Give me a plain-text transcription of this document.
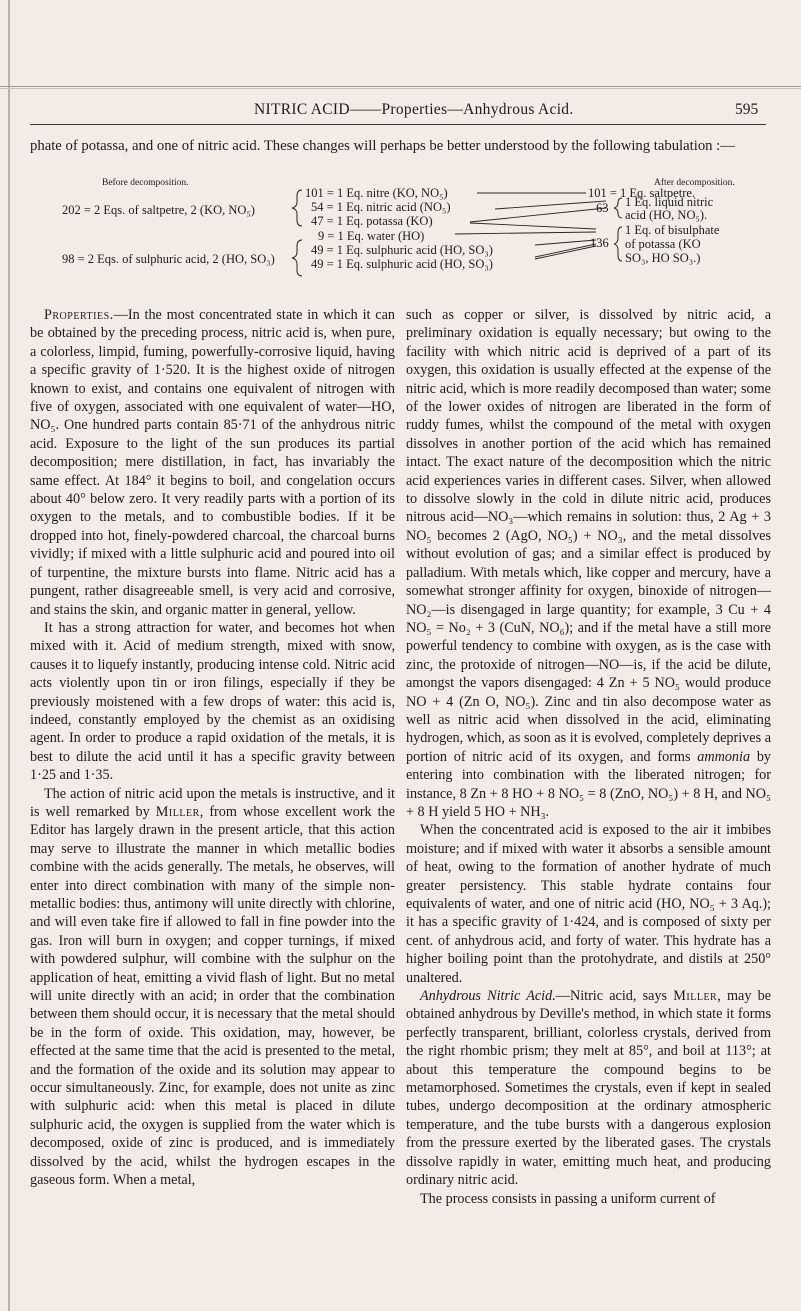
NITRIC ACID——Properties—Anhydrous Acid.	595

phate of potassa, and one of nitric acid. These changes will perhaps be better understood by the following tabulation :—

Before decomposition.	After decomposition.
202 = 2 Eqs. of saltpetre, 2 (KO, NO₅)
98 = 2 Eqs. of sulphuric acid, 2 (HO, SO₃)
101 = 1 Eq. nitre (KO, NO₅)
54 = 1 Eq. nitric acid (NO₅)
47 = 1 Eq. potassa (KO)
9 = 1 Eq. water (HO)
49 = 1 Eq. sulphuric acid (HO, SO₃)
49 = 1 Eq. sulphuric acid (HO, SO₃)
101 = 1 Eq. saltpetre.
63 1 Eq. liquid nitric
acid (HO, NO₅).
136
1 Eq. of bisulphate
of potassa (KO
SO₃, HO SO₃.)

Properties.—In the most concentrated state in which it can be obtained by the preceding process, nitric acid is, when pure, a colorless, limpid, fuming, powerfully-corrosive liquid, having a specific gravity of 1·520. It is the highest oxide of nitrogen known to exist, and contains one equivalent of nitrogen with five of oxygen, associated with one equivalent of water—HO, NO₅. One hundred parts contain 85·71 of the anhydrous nitric acid. Exposure to the light of the sun produces its partial decomposition; mere distillation, in fact, has invariably the same effect. At 184° it begins to boil, and congelation occurs about 40° below zero. It very readily parts with a portion of its oxygen to the metals, and to combustible bodies. If it be dropped into hot, finely-powdered charcoal, the charcoal burns vividly; if mixed with a little sulphuric acid and poured into oil of turpentine, the mixture bursts into flame. Nitric acid has a pungent, rather disagreeable smell, is very acid and corrosive, and stains the skin, and organic matter in general, yellow.

It has a strong attraction for water, and becomes hot when mixed with it. Acid of medium strength, mixed with snow, causes it to liquefy instantly, producing intense cold. Nitric acid acts violently upon tin or iron filings, especially if they be previously moistened with a few drops of water: this acid is, indeed, constantly employed by the chemist as an oxidising agent. In order to produce a rapid oxidation of the metals, it is best to dilute the acid until it has a specific gravity between 1·25 and 1·35.

The action of nitric acid upon the metals is instructive, and it is well remarked by Miller, from whose excellent work the Editor has largely drawn in the present article, that this action may serve to illustrate the manner in which metallic bodies combine with the acids generally. The metals, he observes, will enter into direct combination with many of the simple non-metallic bodies: thus, antimony will unite directly with chlorine, and will even take fire if allowed to fall in fine powder into the gas. Iron will burn in oxygen; and copper turnings, if mixed with powdered sulphur, will combine with the sulphur on the application of heat, emitting a vivid flash of light. But no metal will unite directly with an acid; in order that the combination between them should occur, it is necessary that the metal should be in the form of oxide. This oxidation, may, however, be effected at the same time that the acid is presented to the metal, and the formation of the oxide and its solution may appear to occur simultaneously. Zinc, for example, does not unite as zinc with sulphuric acid: when this metal is placed in dilute sulphuric acid, the oxygen is supplied from the water which is decomposed, oxide of zinc is produced, and is immediately dissolved by the acid, whilst the hydrogen escapes in the gaseous form. When a metal,

such as copper or silver, is dissolved by nitric acid, a preliminary oxidation is equally necessary; but owing to the facility with which nitric acid is deprived of a part of its oxygen, this oxidation is usually effected at the expense of the nitric acid, which is more readily decomposed than water; some of the lower oxides of nitrogen are liberated in the form of ruddy fumes, whilst the compound of the metal with oxygen dissolves in another portion of the acid which has remained intact. The exact nature of the decomposition which the nitric acid experiences varies in different cases. Silver, when allowed to dissolve slowly in the cold in dilute nitric acid, produces nitrous acid—NO₃—which remains in solution: thus, 2 Ag + 3 NO₅ becomes 2 (AgO, NO₅) + NO₃, and the metal dissolves without evolution of gas; and a similar effect is produced by palladium. With metals which, like copper and mercury, have a somewhat stronger affinity for oxygen, binoxide of nitrogen—NO₂—is disengaged in large quantity; for example, 3 Cu + 4 NO₅ = No₂ + 3 (CuN, NO₆); and if the metal have a still more powerful tendency to combine with oxygen, as is the case with zinc, the protoxide of nitrogen—NO—is, if the acid be dilute, amongst the vapors disengaged: 4 Zn + 5 NO₅ would produce NO + 4 (Zn O, NO₅). Zinc and tin also decompose water as well as nitric acid when dissolved in the acid, eliminating hydrogen, which, as soon as it is evolved, completely deprives a portion of nitric acid of its oxygen, and forms ammonia by entering into combination with the liberated nitrogen; for instance, 8 Zn + 8 HO + 8 NO₅ = 8 (ZnO, NO₅) + 8 H, and NO₅ + 8 H yield 5 HO + NH₃.

When the concentrated acid is exposed to the air it imbibes moisture; and if mixed with water it absorbs a sensible amount of heat, owing to the formation of another hydrate of much greater persistency. This stable hydrate contains four equivalents of water, and one of nitric acid (HO, NO₅ + 3 Aq.); it has a specific gravity of 1·424, and is composed of sixty per cent. of anhydrous acid, and forty of water. This hydrate has a higher boiling point than the protohydrate, and distils at 250° unaltered.

Anhydrous Nitric Acid.—Nitric acid, says Miller, may be obtained anhydrous by Deville's method, in which state it forms perfectly transparent, brilliant, colorless crystals, derived from the right rhombic prism; they melt at 85°, and boil at 113°; at about this temperature the compound begins to be metamorphosed. Sometimes the crystals, even if kept in sealed tubes, undergo decomposition at the ordinary atmospheric temperature, and the tube bursts with a dangerous explosion from the pressure exerted by the liberated gases. The crystals dissolve rapidly in water, emitting much heat, and producing ordinary nitric acid.

The process consists in passing a uniform current of
